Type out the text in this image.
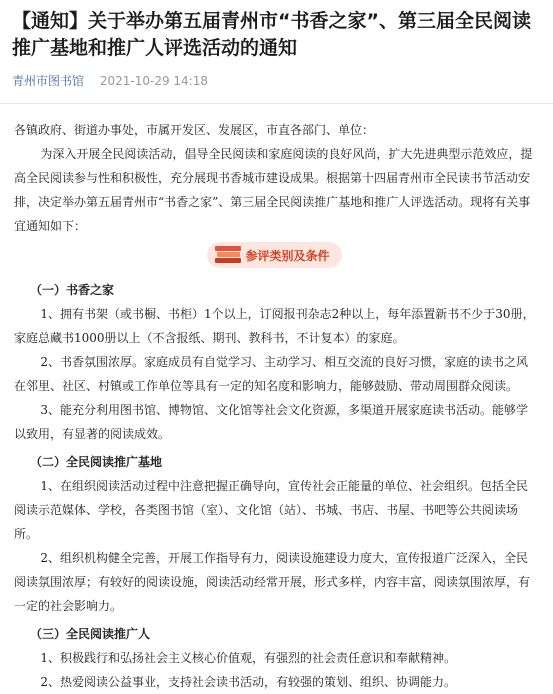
【通知】关于举办第五届青州市“书香之家”、第三届全民阅读推广基地和推广人评选活动的通知
青州市图书馆 2021-10-29 14:18

各镇政府、街道办事处，市属开发区、发展区，市直各部门、单位：

为深入开展全民阅读活动，倡导全民阅读和家庭阅读的良好风尚，扩大先进典型示范效应，提高全民阅读参与性和积极性，充分展现书香城市建设成果。根据第十四届青州市全民读书节活动安排，决定举办第五届青州市“书香之家”、第三届全民阅读推广基地和推广人评选活动。现将有关事宜通知如下：

参评类别及条件
（一）书香之家

1、拥有书架（或书橱、书柜）1个以上，订阅报刊杂志2种以上，每年添置新书不少于30册，家庭总藏书1000册以上（不含报纸、期刊、教科书，不计复本）的家庭。

2、书香氛围浓厚。家庭成员有自觉学习、主动学习、相互交流的良好习惯，家庭的读书之风在邻里、社区、村镇或工作单位等具有一定的知名度和影响力，能够鼓励、带动周围群众阅读。

3、能充分利用图书馆、博物馆、文化馆等社会文化资源，多渠道开展家庭读书活动。能够学以致用，有显著的阅读成效。

（二）全民阅读推广基地

1、在组织阅读活动过程中注意把握正确导向，宣传社会正能量的单位、社会组织。包括全民阅读示范媒体、学校，各类图书馆（室）、文化馆（站）、书城、书店、书屋、书吧等公共阅读场所。

2、组织机构健全完善，开展工作指导有力，阅读设施建设力度大，宣传报道广泛深入，全民阅读氛围浓厚；有较好的阅读设施，阅读活动经常开展，形式多样，内容丰富，阅读氛围浓厚，有一定的社会影响力。

（三）全民阅读推广人

1、积极践行和弘扬社会主义核心价值观，有强烈的社会责任意识和奉献精神。

2、热爱阅读公益事业，支持社会读书活动，有较强的策划、组织、协调能力。
